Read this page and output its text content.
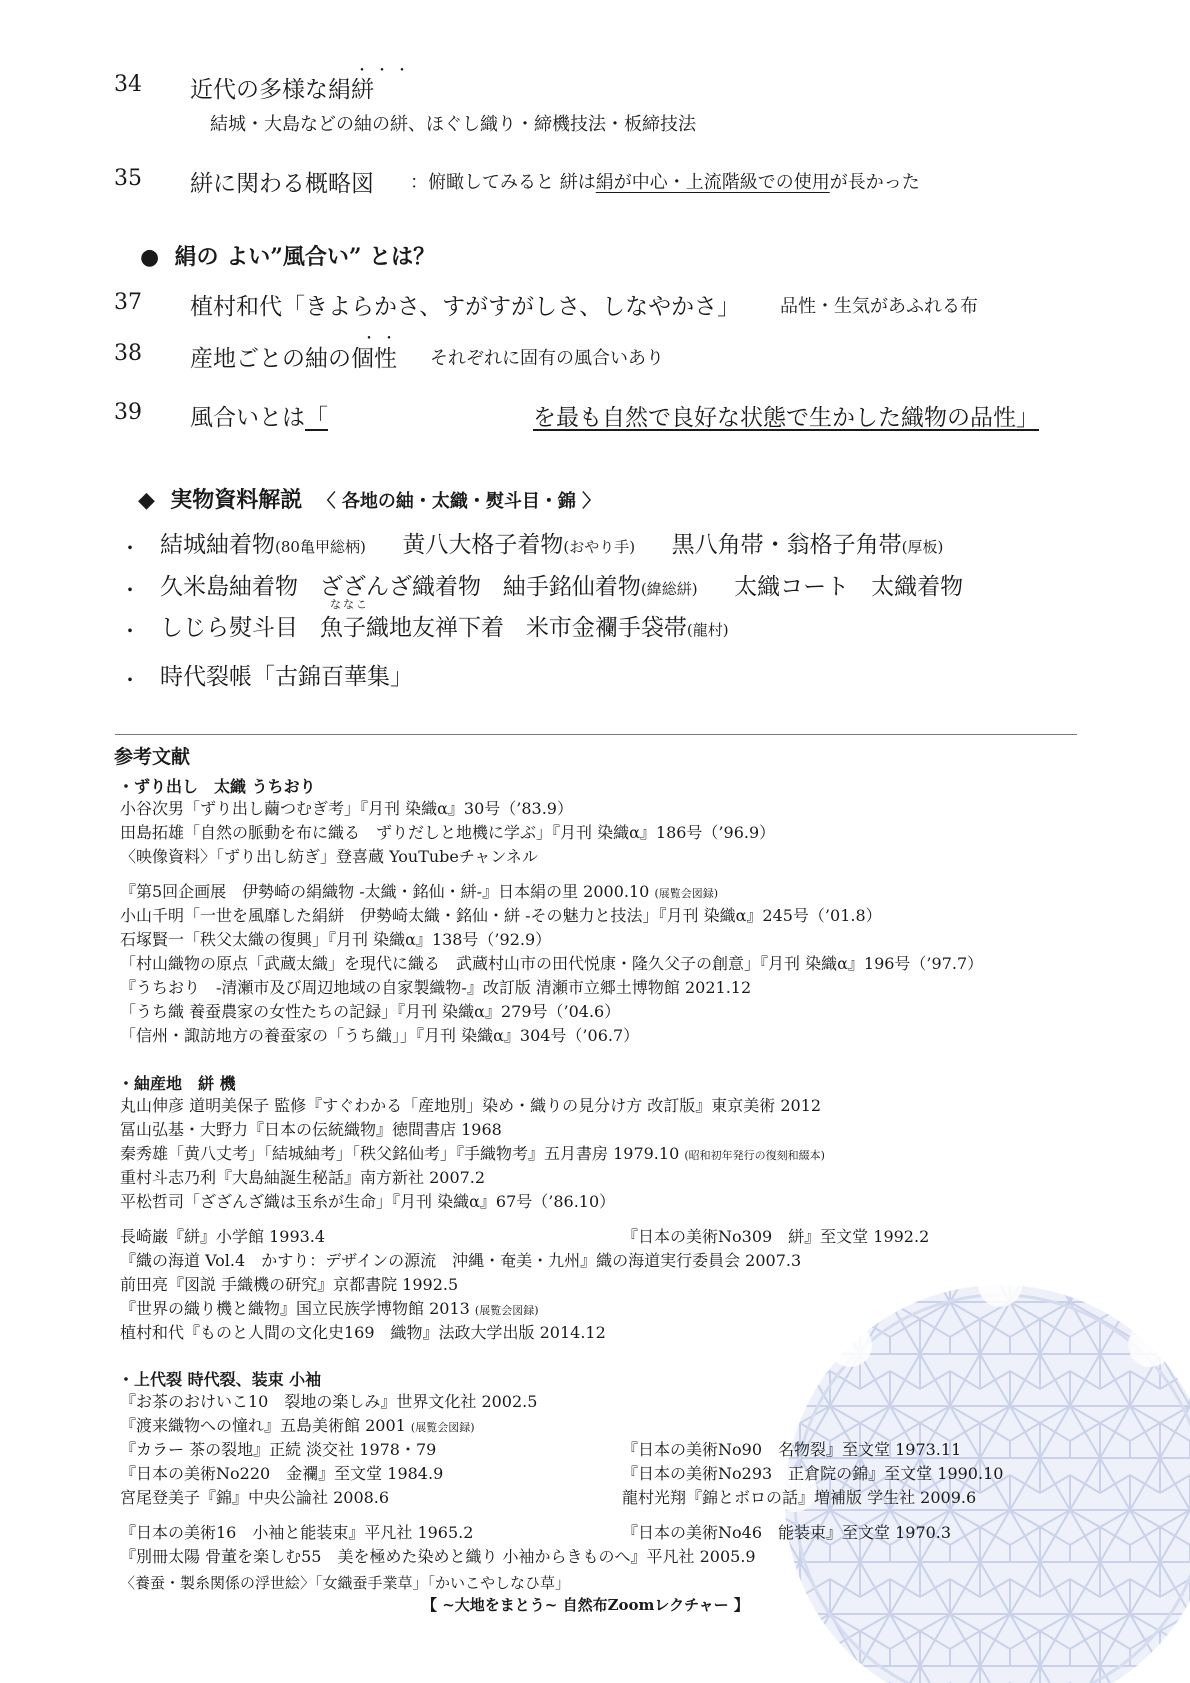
34 近代の多様な絹絣
・・・
結城・大島などの紬の絣、ほぐし織り・締機技法・板締技法
35 絣に関わる概略図 ：俯瞰してみると 絣は絹が中心・上流階級での使用が長かった
● 絹の よい”風合い” とは？
37 植村和代「きよらかさ、すがすがしさ、しなやかさ」 品性・生気があふれる布
38 産地ごとの紬の個性
・・
それぞれに固有の風合いあり
39 風合いとは「	を最も自然で良好な状態で生かした織物の品性」
◆ 実物資料解説 〈 各地の紬・太織・熨斗目・錦 〉
・ 結城紬着物(80亀甲総柄) 黄八大格子着物(おやり手) 黒八角帯・翁格子角帯(厚板)
・ 久米島紬着物 ざざんざ織着物 紬手銘仙着物(緯総絣) 太織コート 太織着物
・
ななこ
しじら熨斗目 魚子織地友禅下着 米市金襴手袋帯(龍村)
・ 時代裂帳「古錦百華集」
参考文献
・ずり出し　太織 うちおり
小谷次男「ずり出し繭つむぎ考」『月刊 染織α』30号（’83.9）
田島拓雄「自然の脈動を布に織る　ずりだしと地機に学ぶ」『月刊 染織α』186号（’96.9）
〈映像資料〉「ずり出し紡ぎ」登喜蔵 YouTubeチャンネル
『第5回企画展　伊勢崎の絹織物 -太織・銘仙・絣-』日本絹の里 2000.10 (展覧会図録)
小山千明「一世を風靡した絹絣　伊勢崎太織・銘仙・絣 -その魅力と技法」『月刊 染織α』245号（’01.8）
石塚賢一「秩父太織の復興」『月刊 染織α』138号（’92.9）
「村山織物の原点「武蔵太織」を現代に織る　武蔵村山市の田代悦康・隆久父子の創意」『月刊 染織α』196号（’97.7）
『うちおり　-清瀬市及び周辺地域の自家製織物-』改訂版 清瀬市立郷土博物館 2021.12
「うち織 養蚕農家の女性たちの記録」『月刊 染織α』279号（’04.6）
「信州・諏訪地方の養蚕家の「うち織」」『月刊 染織α』304号（’06.7）
・紬産地　絣 機
丸山伸彦 道明美保子 監修『すぐわかる「産地別」染め・織りの見分け方 改訂版』東京美術 2012
冨山弘基・大野力『日本の伝統織物』徳間書店 1968
秦秀雄「黄八丈考」「結城紬考」「秩父銘仙考」『手織物考』五月書房 1979.10 (昭和初年発行の復刻和綴本)
重村斗志乃利『大島紬誕生秘話』南方新社 2007.2
平松哲司「ざざんざ織は玉糸が生命」『月刊 染織α』67号（’86.10）
長崎巌『絣』小学館 1993.4	『日本の美術No309　絣』至文堂 1992.2
『織の海道 Vol.4　かすり：デザインの源流　沖縄・奄美・九州』織の海道実行委員会 2007.3
前田亮『図説 手織機の研究』京都書院 1992.5
『世界の織り機と織物』国立民族学博物館 2013 (展覧会図録)
植村和代『ものと人間の文化史169　織物』法政大学出版 2014.12
・上代裂 時代裂、装束 小袖
『お茶のおけいこ10　裂地の楽しみ』世界文化社 2002.5
『渡来織物への憧れ』五島美術館 2001 (展覧会図録)
『カラー 茶の裂地』正続 淡交社 1978・79	『日本の美術No90　名物裂』至文堂 1973.11
『日本の美術No220　金襴』至文堂 1984.9	『日本の美術No293　正倉院の錦』至文堂 1990.10
宮尾登美子『錦』中央公論社 2008.6	龍村光翔『錦とボロの話』増補版 学生社 2009.6
『日本の美術16　小袖と能装束』平凡社 1965.2	『日本の美術No46　能装束』至文堂 1970.3
『別冊太陽 骨董を楽しむ55　美を極めた染めと織り 小袖からきものへ』平凡社 2005.9
〈養蚕・製糸関係の浮世絵〉「女織蚕手業草」「かいこやしなひ草」
【 ~大地をまとう~ 自然布Zoomレクチャー 】
